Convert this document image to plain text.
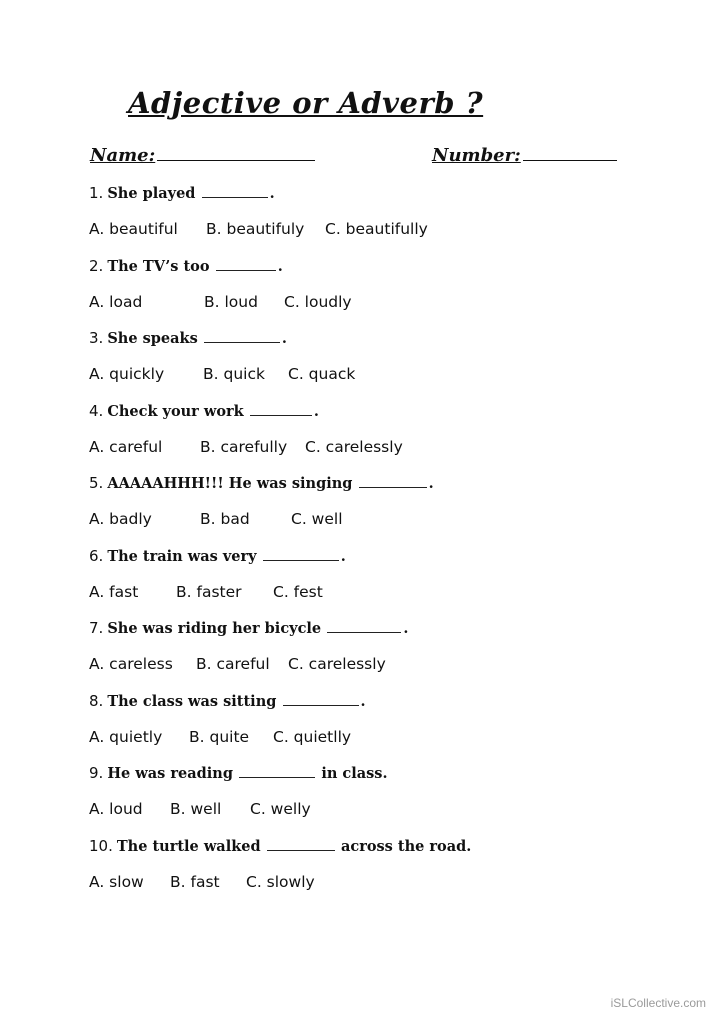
Adjective or Adverb ?
Name:	Number:
1. She played	.
A. beautiful B. beautifuly C. beautifully
2. The TV’s too	.
A. load	B. loud C. loudly
3. She speaks	.
A. quickly	B. quick C. quack
4. Check your work	.
A. careful B. carefully C. carelessly
5. AAAAAHHH!!! He was singing	.
A. badly	B. bad	C. well
6. The train was very	.
A. fast B. faster C. fest
7. She was riding her bicycle	.
A. careless B. careful C. carelessly
8. The class was sitting	.
A. quietly B. quite C. quietlly
9. He was reading	in class.
A. loud B. well C. welly
10. The turtle walked	across the road.
A. slow B. fast C. slowly
iSLCollective.com
